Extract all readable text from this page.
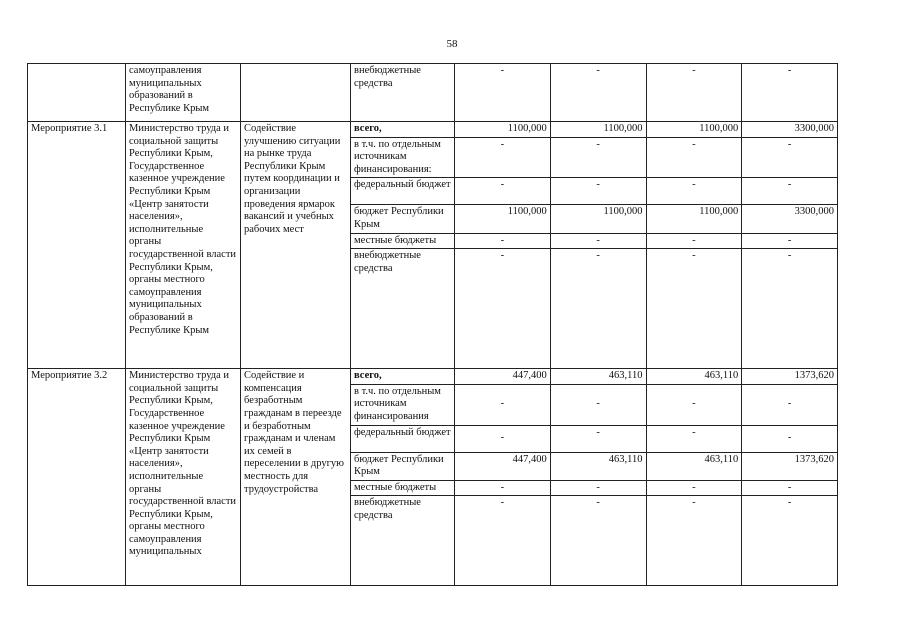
58
	самоуправления муниципальных образований в Республике Крым		внебюджетные средства	-	-	-	-
Мероприятие 3.1	Министерство труда и социальной защиты Республики Крым, Государственное казенное учреждение Республики Крым «Центр занятости населения», исполнительные органы государственной власти Республики Крым, органы местного самоуправления муниципальных образований в Республике Крым	Содействие улучшению ситуации на рынке труда Республики Крым путем координации и организации проведения ярмарок вакансий и учебных рабочих мест	всего,	1100,000	1100,000	1100,000	3300,000
			в т.ч. по отдельным источникам финансирования:	-	-	-	-
			федеральный бюджет	-	-	-	-
			бюджет Республики Крым	1100,000	1100,000	1100,000	3300,000
			местные бюджеты	-	-	-	-
			внебюджетные средства	-	-	-	-
Мероприятие 3.2	Министерство труда и социальной защиты Республики Крым, Государственное казенное учреждение Республики Крым «Центр занятости населения», исполнительные органы государственной власти Республики Крым, органы местного самоуправления муниципальных	Содействие и компенсация безработным гражданам в переезде и безработным гражданам и членам их семей в переселении в другую местность для трудоустройства	всего,	447,400	463,110	463,110	1373,620
			в т.ч. по отдельным источникам финансирования	-	-	-	-
			федеральный бюджет	-	-	-	-
			бюджет Республики Крым	447,400	463,110	463,110	1373,620
			местные бюджеты	-	-	-	-
			внебюджетные средства	-	-	-	-
